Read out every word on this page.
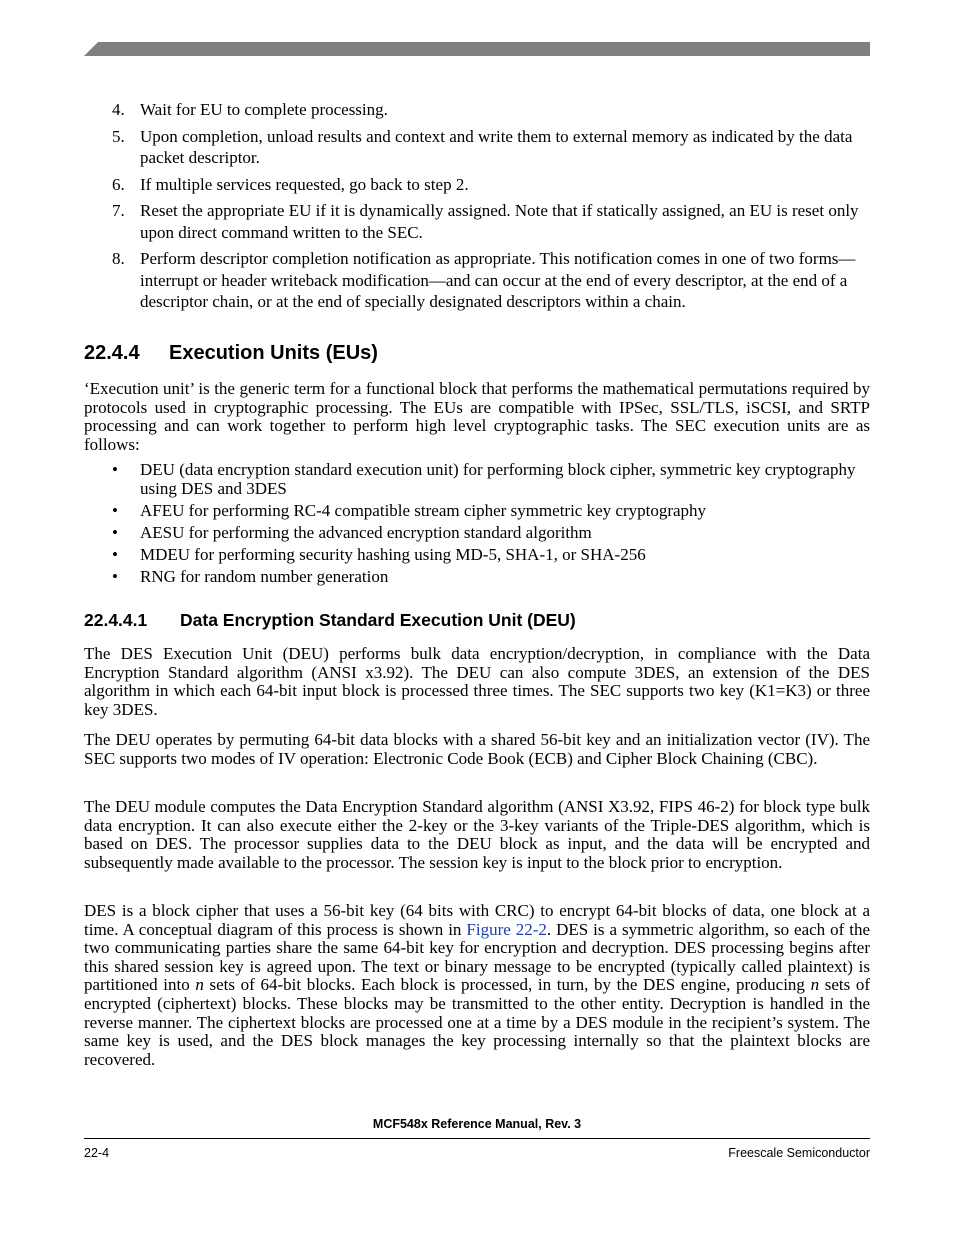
4. Wait for EU to complete processing.
5. Upon completion, unload results and context and write them to external memory as indicated by the data packet descriptor.
6. If multiple services requested, go back to step 2.
7. Reset the appropriate EU if it is dynamically assigned. Note that if statically assigned, an EU is reset only upon direct command written to the SEC.
8. Perform descriptor completion notification as appropriate. This notification comes in one of two forms—interrupt or header writeback modification—and can occur at the end of every descriptor, at the end of a descriptor chain, or at the end of specially designated descriptors within a chain.
22.4.4 Execution Units (EUs)

‘Execution unit’ is the generic term for a functional block that performs the mathematical permutations required by protocols used in cryptographic processing. The EUs are compatible with IPSec, SSL/TLS, iSCSI, and SRTP processing and can work together to perform high level cryptographic tasks. The SEC execution units are as follows:

• DEU (data encryption standard execution unit) for performing block cipher, symmetric key cryptography using DES and 3DES
• AFEU for performing RC-4 compatible stream cipher symmetric key cryptography
• AESU for performing the advanced encryption standard algorithm
• MDEU for performing security hashing using MD-5, SHA-1, or SHA-256
• RNG for random number generation
22.4.4.1 Data Encryption Standard Execution Unit (DEU)

The DES Execution Unit (DEU) performs bulk data encryption/decryption, in compliance with the Data Encryption Standard algorithm (ANSI x3.92). The DEU can also compute 3DES, an extension of the DES algorithm in which each 64-bit input block is processed three times. The SEC supports two key (K1=K3) or three key 3DES.

The DEU operates by permuting 64-bit data blocks with a shared 56-bit key and an initialization vector (IV). The SEC supports two modes of IV operation: Electronic Code Book (ECB) and Cipher Block Chaining (CBC).

The DEU module computes the Data Encryption Standard algorithm (ANSI X3.92, FIPS 46-2) for block type bulk data encryption. It can also execute either the 2-key or the 3-key variants of the Triple-DES algorithm, which is based on DES. The processor supplies data to the DEU block as input, and the data will be encrypted and subsequently made available to the processor. The session key is input to the block prior to encryption.

DES is a block cipher that uses a 56-bit key (64 bits with CRC) to encrypt 64-bit blocks of data, one block at a time. A conceptual diagram of this process is shown in Figure 22-2. DES is a symmetric algorithm, so each of the two communicating parties share the same 64-bit key for encryption and decryption. DES processing begins after this shared session key is agreed upon. The text or binary message to be encrypted (typically called plaintext) is partitioned into n sets of 64-bit blocks. Each block is processed, in turn, by the DES engine, producing n sets of encrypted (ciphertext) blocks. These blocks may be transmitted to the other entity. Decryption is handled in the reverse manner. The ciphertext blocks are processed one at a time by a DES module in the recipient’s system. The same key is used, and the DES block manages the key processing internally so that the plaintext blocks are recovered.

MCF548x Reference Manual, Rev. 3
22-4	Freescale Semiconductor
